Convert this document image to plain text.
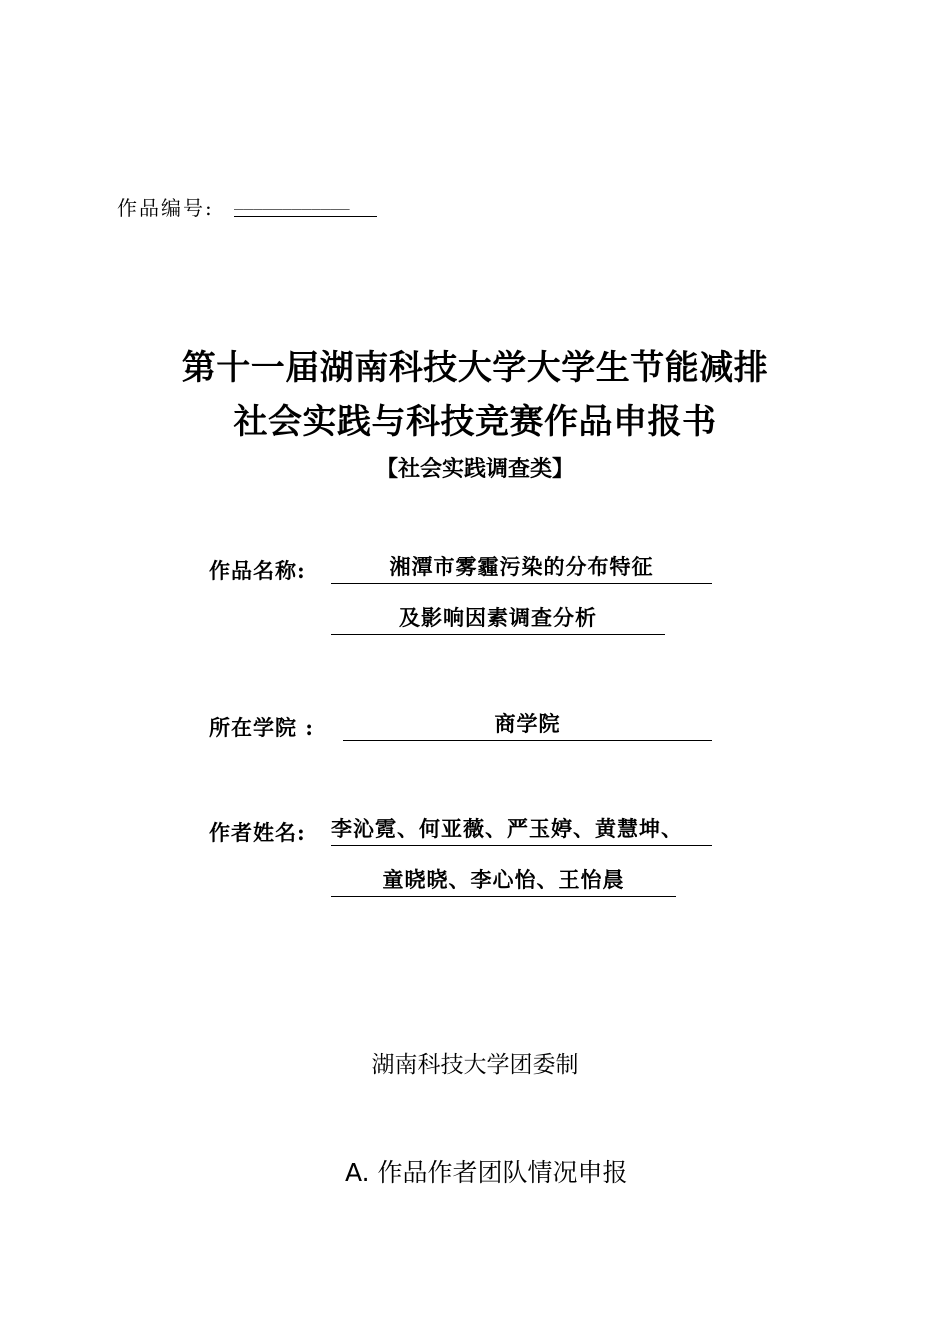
作品编号: ____________
第十一届湖南科技大学大学生节能减排
社会实践与科技竞赛作品申报书
【社会实践调查类】
作品名称:	湘潭市雾霾污染的分布特征
及影响因素调查分析
所在学院 :	商学院
作者姓名: 李沁霓、何亚薇、严玉婷、黄慧坤、
童晓晓、李心怡、王怡晨
湖南科技大学团委制
A. 作品作者团队情况申报
